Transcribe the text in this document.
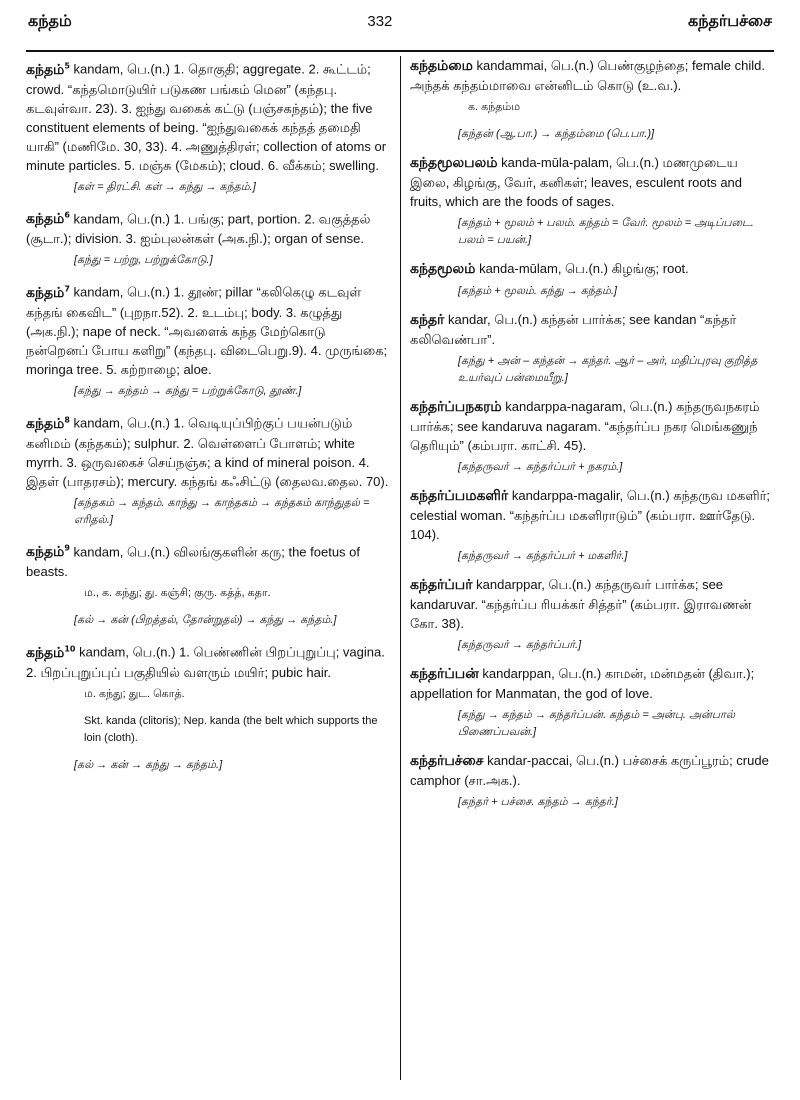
கந்தம்	332	கந்தர்பச்சை

கந்தம்$^5$ kandam, பெ.(n.) 1. தொகுதி; aggregate. 2. கூட்டம்; crowd. “கந்தமொடுயிர் படுகண பங்கம் மென” (கந்தபு. கடவுள்வா. 23). 3. ஐந்து வகைக் கட்டு (பஞ்சகந்தம்); the five constituent elements of being. “ஐந்துவகைக் கந்தத் தமைதி யாகி” (மணிமே. 30, 33). 4. அணுத்திரள்; collection of atoms or minute particles. 5. மஞ்சு (மேகம்); cloud. 6. வீக்கம்; swelling.

[கள் = திரட்சி. கள் → கந்து → கந்தம்.]

கந்தம்$^6$ kandam, பெ.(n.) 1. பங்கு; part, portion. 2. வகுத்தல் (சூடா.); division. 3. ஐம்புலன்கள் (அக.நி.); organ of sense.

[கந்து = பற்று, பற்றுக்கோடு.]

கந்தம்$^7$ kandam, பெ.(n.) 1. தூண்; pillar “கலிகெழு கடவுள் கந்தங் கைவிட” (புறநா.52). 2. உடம்பு; body. 3. கழுத்து (அக.நி.); nape of neck. “அவளைக் கந்த மேற்கொடு நன்றெனப் போய களிறு” (கந்தபு. விடைபெறு.9). 4. முருங்கை; moringa tree. 5. கற்றாழை; aloe.

[கந்து → கந்தம் → கந்து = பற்றுக்கோடு, தூண்.]

கந்தம்$^8$ kandam, பெ.(n.) 1. வெடியுப்பிற்குப் பயன்படும் கனிமம் (கந்தகம்); sulphur. 2. வெள்ளைப் போளம்; white myrrh. 3. ஒருவகைச் செய்நஞ்சு; a kind of mineral poison. 4. இதள் (பாதரசம்); mercury. கந்தங் கஃசிட்டு (தைலவ.தைல. 70).

[கந்தகம் → கந்தம். காந்து → காந்தகம் → கந்தகம் காந்துதல் = எரிதல்.]

கந்தம்$^9$ kandam, பெ.(n.) விலங்குகளின் கரு; the foetus of beasts.

ம., க. கந்து; து. கஞ்சி; குரு. கத்த், கதா.
[கல் → கன் (பிறத்தல், தோன்றுதல்) → கந்து → கந்தம்.]

கந்தம்$^{10}$ kandam, பெ.(n.) 1. பெண்ணின் பிறப்புறுப்பு; vagina. 2. பிறப்புறுப்புப் பகுதியில் வளரும் மயிர்; pubic hair.

ம. கந்து; துட. கொத்.
Skt. kanda (clitoris); Nep. kanda (the belt which supports the loin (cloth).
[கல் → கன் → கந்து → கந்தம்.]

கந்தம்மை kandammai, பெ.(n.) பெண்குழந்தை; female child. அந்தக் கந்தம்மாவை என்னிடம் கொடு (உ.வ.).

க. கந்தம்ம
[கந்தன் (ஆ.பா.) → கந்தம்மை (பெ.பா.)]

கந்தமூலபலம் kanda-mūla-palam, பெ.(n.) மணமுடைய இலை, கிழங்கு, வேர், கனிகள்; leaves, esculent roots and fruits, which are the foods of sages.

[கந்தம் + மூலம் + பலம். கந்தம் = வேர். மூலம் = அடிப்படை. பலம் = பயன்.]

கந்தமூலம் kanda-mūlam, பெ.(n.) கிழங்கு; root.

[கந்தம் + மூலம். கந்து → கந்தம்.]

கந்தர் kandar, பெ.(n.) கந்தன் பார்க்க; see kandan “கந்தர் கலிவெண்பா”.

[கந்து + அன் – கந்தன் → கந்தர். ஆர் – அர், மதிப்புரவு குறித்த உயர்வுப் பன்மையீறு.]

கந்தர்ப்பநகரம் kandarppa-nagaram, பெ.(n.) கந்தருவநகரம் பார்க்க; see kandaruva nagaram. “கந்தர்ப்ப நகர மெங்கணுந் தெரியும்” (கம்பரா. காட்சி. 45).

[கந்தருவர் → கந்தர்ப்பர் + நகரம்.]

கந்தர்ப்பமகளிர் kandarppa-magalir, பெ.(n.) கந்தருவ மகளிர்; celestial woman. “கந்தர்ப்ப மகளிராடும்” (கம்பரா. ஊர்தேடு. 104).

[கந்தருவர் → கந்தர்ப்பர் + மகளிர்.]

கந்தர்ப்பர் kandarppar, பெ.(n.) கந்தருவர் பார்க்க; see kandaruvar. “கந்தர்ப்ப ரியக்கர் சித்தர்” (கம்பரா. இராவணன் கோ. 38).

[கந்தருவர் → கந்தர்ப்பர்.]

கந்தர்ப்பன் kandarppan, பெ.(n.) காமன், மன்மதன் (திவா.); appellation for Manmatan, the god of love.

[கந்து → கந்தம் → கந்தர்ப்பன். கந்தம் = அன்பு. அன்பால் பிணைப்பவன்.]

கந்தர்பச்சை kandar-paccai, பெ.(n.) பச்சைக் கருப்பூரம்; crude camphor (சா.அக.).

[கந்தர் + பச்சை. கந்தம் → கந்தர்.]
